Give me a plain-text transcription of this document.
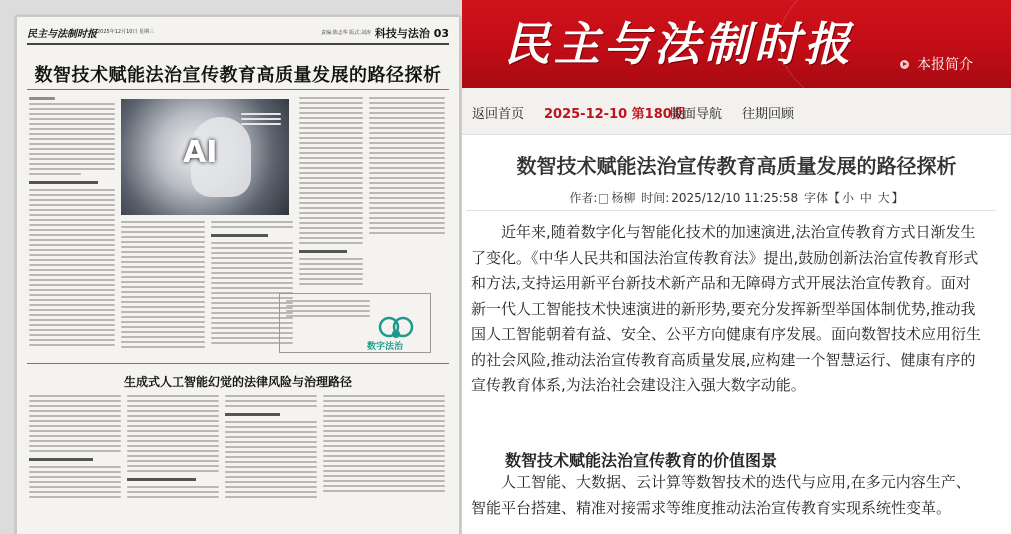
民主与法制时报 2025年12月10日 星期三	责编:陈志华 版式:刘涛 科技与法治 03
数智技术赋能法治宣传教育高质量发展的路径探析
AI
数字法治
生成式人工智能幻觉的法律风险与治理路径
民主与法制时报	本报简介
返回首页 2025-12-10 第180期
版面导航 往期回顾
数智技术赋能法治宣传教育高质量发展的路径探析
作者: 杨柳 时间: 2025/12/10 11:25:58 字体【 小 中 大 】

近年来,随着数字化与智能化技术的加速演进,法治宣传教育方式日渐发生了变化。《中华人民共和国法治宣传教育法》提出,鼓励创新法治宣传教育形式和方法,支持运用新平台新技术新产品和无障碍方式开展法治宣传教育。面对新一代人工智能技术快速演进的新形势,要充分发挥新型举国体制优势,推动我国人工智能朝着有益、安全、公平方向健康有序发展。面向数智技术应用衍生的社会风险,推动法治宣传教育高质量发展,应构建一个智慧运行、健康有序的宣传教育体系,为法治社会建设注入强大数字动能。

数智技术赋能法治宣传教育的价值图景

人工智能、大数据、云计算等数智技术的迭代与应用,在多元内容生产、智能平台搭建、精准对接需求等维度推动法治宣传教育实现系统性变革。
